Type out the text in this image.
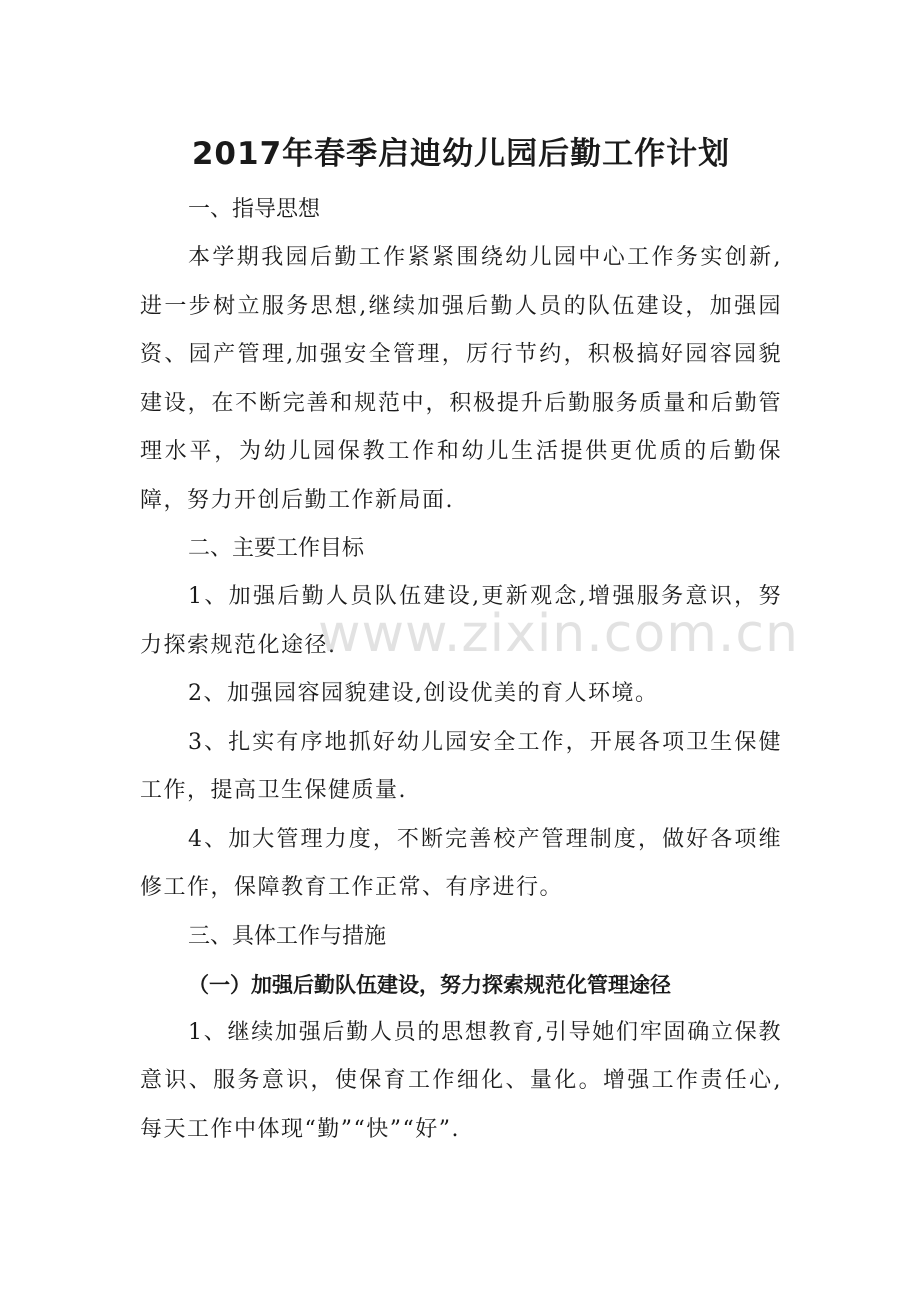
2017年春季启迪幼儿园后勤工作计划

一、指导思想

本学期我园后勤工作紧紧围绕幼儿园中心工作务实创新,进一步树立服务思想,继续加强后勤人员的队伍建设，加强园资、园产管理,加强安全管理，厉行节约，积极搞好园容园貌建设，在不断完善和规范中，积极提升后勤服务质量和后勤管理水平，为幼儿园保教工作和幼儿生活提供更优质的后勤保障，努力开创后勤工作新局面.

二、主要工作目标

1、加强后勤人员队伍建设,更新观念,增强服务意识，努力探索规范化途径.

2、加强园容园貌建设,创设优美的育人环境。

3、扎实有序地抓好幼儿园安全工作，开展各项卫生保健工作，提高卫生保健质量.

4、加大管理力度，不断完善校产管理制度，做好各项维修工作，保障教育工作正常、有序进行。

三、具体工作与措施

（一）加强后勤队伍建设，努力探索规范化管理途径

1、继续加强后勤人员的思想教育,引导她们牢固确立保教意识、服务意识，使保育工作细化、量化。增强工作责任心,每天工作中体现“勤”“快”“好”.

www.zixin.com.cn
